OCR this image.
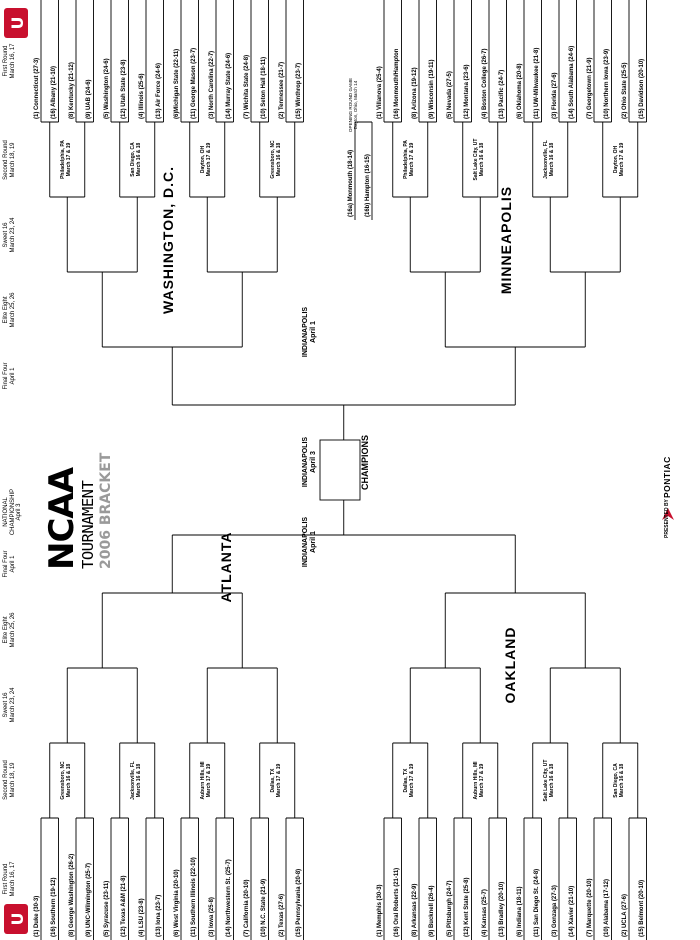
U
U
First Round March 16, 17
Second Round March 18, 19
Sweet 16 March 23, 24
Elite Eight March 25, 26
Final Four April 1
NATIONAL CHAMPIONSHIP April 3
First Round March 16, 17
Second Round March 18, 19
Sweet 16 March 23, 24
Elite Eight March 25, 26
Final Four April 1
ATLANTA
OAKLAND
WASHINGTON, D.C.	MINNEAPOLIS
INDIANAPOLIS April 1
INDIANAPOLIS April 3
INDIANAPOLIS April 1
NCAA
TOURNAMENT 2006 BRACKET	CHAMPIONS
PRESENTED BY
PONTIAC
OPENING ROUND GAME Dayton, Ohio, March 14
(1) Duke (30-3) (16) Southern (19-12) (8) George Washington (26-2) (9) UNC-Wilmington (25-7) (5) Syracuse (23-11) (12) Texas A&M (21-8) (4) LSU (23-8) (13) Iona (23-7) (6) West Virginia (20-10) (11) Southern Illinois (22-10) (3) Iowa (25-8) (14) Northwestern St. (25-7) (7) California (20-10) (10) N.C. State (21-9) (2) Texas (27-6) (15) Pennsylvania (20-8)
Greensboro, NC March 16 & 18	Jacksonville, FL March 16 & 18	Auburn Hills, MI March 17 & 19	Dallas, TX March 17 & 19
(1) Memphis (30-3) (16) Oral Roberts (21-11) (8) Arkansas (22-9) (9) Bucknell (26-4) (5) Pittsburgh (24-7) (12) Kent State (25-8) (4) Kansas (25-7) (13) Bradley (20-10) (6) Indiana (18-11) (11) San Diego St. (24-8) (3) Gonzaga (27-3) (14) Xavier (21-10) (7) Marquette (20-10) (10) Alabama (17-12) (2) UCLA (27-6) (15) Belmont (20-10)
Dallas, TX March 17 & 19	Auburn Hills, MI March 17 & 19	Salt Lake City, UT March 16 & 18	San Diego, CA March 16 & 18
(1) Connecticut (27-3) (16) Albany (21-10) (8) Kentucky (21-12) (9) UAB (24-6) (5) Washington (24-6) (12) Utah State (23-8) (4) Illinois (25-6) (13) Air Force (24-6) (6)Michigan State (22-11) (11) George Mason (23-7) (3) North Carolina (22-7) (14) Murray State (24-6) (7) Wichita State (24-8) (10) Seton Hall (18-11) (2) Tennessee (21-7) (15) Winthrop (23-7)
Philadelphia, PA March 17 & 19	San Diego, CA March 16 & 18	Dayton, OH March 17 & 19	Greensboro, NC March 16 & 18
(1) Villanova (25-4) (16) Monmouth/Hampton (8) Arizona (19-12) (9) Wisconsin (19-11) (5) Nevada (27-5) (12) Montana (23-6) (4) Boston College (26-7) (13) Pacific (24-7) (6) Oklahoma (20-8) (11) UW-Milwaukee (21-8) (3) Florida (27-6) (14) South Alabama (24-6) (7) Georgetown (21-9) (10) Northern Iowa (23-9) (2) Ohio State (25-5) (15) Davidson (20-10)
Philadelphia, PA March 17 & 19	Salt Lake City, UT March 16 & 18	Jacksonville, FL March 16 & 18	Dayton, OH March 17 & 19
(16a) Monmouth (18-14) (16b) Hampton (16-15)
